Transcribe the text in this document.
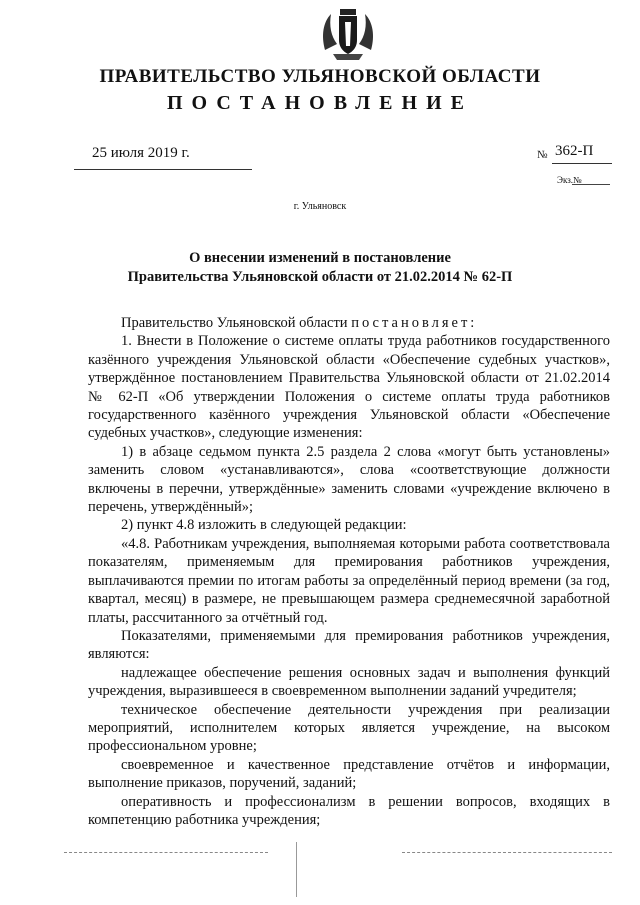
ПРАВИТЕЛЬСТВО УЛЬЯНОВСКОЙ ОБЛАСТИ
ПОСТАНОВЛЕНИЕ
25 июля 2019 г.	№ 362-П
Экз.№
г. Ульяновск
О внесении изменений в постановление
Правительства Ульяновской области от 21.02.2014 № 62-П

Правительство Ульяновской области постановляет:

1. Внести в Положение о системе оплаты труда работников государственного казённого учреждения Ульяновской области «Обеспечение судебных участков», утверждённое постановлением Правительства Ульяновской области от 21.02.2014 № 62-П «Об утверждении Положения о системе оплаты труда работников государственного казённого учреждения Ульяновской области «Обеспечение судебных участков», следующие изменения:

1) в абзаце седьмом пункта 2.5 раздела 2 слова «могут быть установлены» заменить словом «устанавливаются», слова «соответствующие должности включены в перечни, утверждённые» заменить словами «учреждение включено в перечень, утверждённый»;

2) пункт 4.8 изложить в следующей редакции:

«4.8. Работникам учреждения, выполняемая которыми работа соответствовала показателям, применяемым для премирования работников учреждения, выплачиваются премии по итогам работы за определённый период времени (за год, квартал, месяц) в размере, не превышающем размера среднемесячной заработной платы, рассчитанного за отчётный год.

Показателями, применяемыми для премирования работников учреждения, являются:

надлежащее обеспечение решения основных задач и выполнения функций учреждения, выразившееся в своевременном выполнении заданий учредителя;

техническое обеспечение деятельности учреждения при реализации мероприятий, исполнителем которых является учреждение, на высоком профессиональном уровне;

своевременное и качественное представление отчётов и информации, выполнение приказов, поручений, заданий;

оперативность и профессионализм в решении вопросов, входящих в компетенцию работника учреждения;
